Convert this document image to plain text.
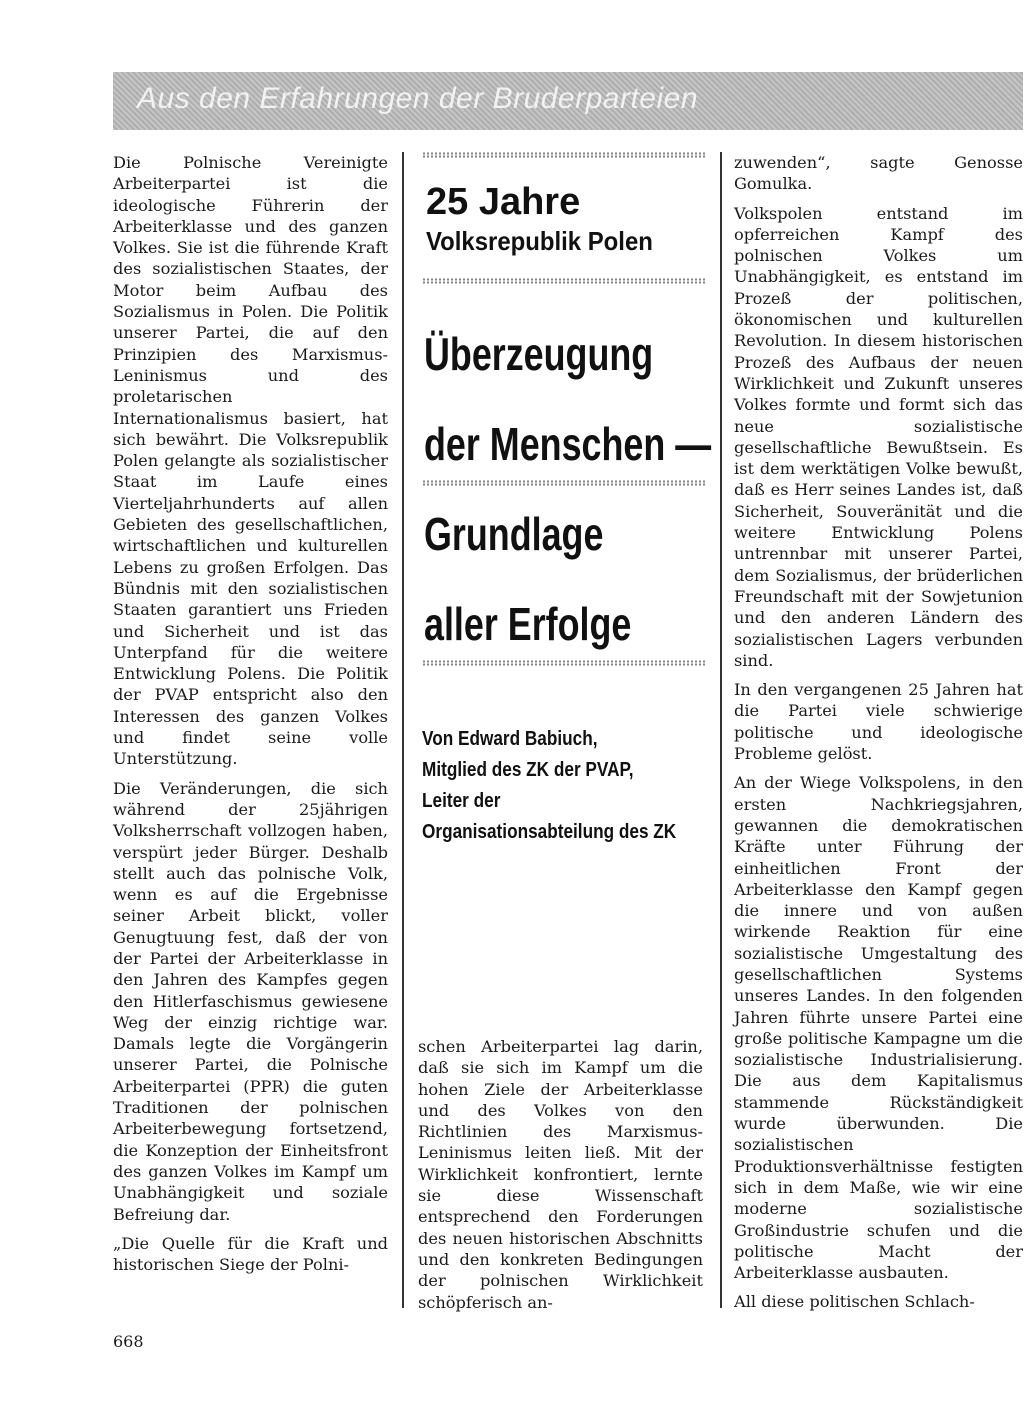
Aus den Erfahrungen der Bruderparteien

Die Polnische Vereinigte Arbeiterpartei ist die ideologische Führerin der Arbeiterklasse und des ganzen Volkes. Sie ist die führende Kraft des sozialistischen Staates, der Motor beim Aufbau des Sozialismus in Polen. Die Politik unserer Partei, die auf den Prinzipien des Marxismus-Leninismus und des proletarischen Internationalismus basiert, hat sich bewährt. Die Volksrepublik Polen gelangte als sozialistischer Staat im Laufe eines Vierteljahrhunderts auf allen Gebieten des gesellschaftlichen, wirtschaftlichen und kulturellen Lebens zu großen Erfolgen. Das Bündnis mit den sozialistischen Staaten garantiert uns Frieden und Sicherheit und ist das Unterpfand für die weitere Entwicklung Polens. Die Politik der PVAP entspricht also den Interessen des ganzen Volkes und findet seine volle Unterstützung.

Die Veränderungen, die sich während der 25jährigen Volksherrschaft vollzogen haben, verspürt jeder Bürger. Deshalb stellt auch das polnische Volk, wenn es auf die Ergebnisse seiner Arbeit blickt, voller Genugtuung fest, daß der von der Partei der Arbeiterklasse in den Jahren des Kampfes gegen den Hitlerfaschismus gewiesene Weg der einzig richtige war. Damals legte die Vorgängerin unserer Partei, die Polnische Arbeiterpartei (PPR) die guten Traditionen der polnischen Arbeiterbewegung fortsetzend, die Konzeption der Einheitsfront des ganzen Volkes im Kampf um Unabhängigkeit und soziale Befreiung dar.

„Die Quelle für die Kraft und historischen Siege der Polni-

25 Jahre
Volksrepublik Polen
Überzeugung
der Menschen —
Grundlage
aller Erfolge
Von Edward Babiuch,
Mitglied des ZK der PVAP,
Leiter der
Organisationsabteilung des ZK

schen Arbeiterpartei lag darin, daß sie sich im Kampf um die hohen Ziele der Arbeiterklasse und des Volkes von den Richtlinien des Marxismus-Leninismus leiten ließ. Mit der Wirklichkeit konfrontiert, lernte sie diese Wissenschaft entsprechend den Forderungen des neuen historischen Abschnitts und den konkreten Bedingungen der polnischen Wirklichkeit schöpferisch an-

zuwenden“, sagte Genosse Gomulka.

Volkspolen entstand im opferreichen Kampf des polnischen Volkes um Unabhängigkeit, es entstand im Prozeß der politischen, ökonomischen und kulturellen Revolution. In diesem historischen Prozeß des Aufbaus der neuen Wirklichkeit und Zukunft unseres Volkes formte und formt sich das neue sozialistische gesellschaftliche Bewußtsein. Es ist dem werktätigen Volke bewußt, daß es Herr seines Landes ist, daß Sicherheit, Souveränität und die weitere Entwicklung Polens untrennbar mit unserer Partei, dem Sozialismus, der brüderlichen Freundschaft mit der Sowjetunion und den anderen Ländern des sozialistischen Lagers verbunden sind.

In den vergangenen 25 Jahren hat die Partei viele schwierige politische und ideologische Probleme gelöst.

An der Wiege Volkspolens, in den ersten Nachkriegsjahren, gewannen die demokratischen Kräfte unter Führung der einheitlichen Front der Arbeiterklasse den Kampf gegen die innere und von außen wirkende Reaktion für eine sozialistische Umgestaltung des gesellschaftlichen Systems unseres Landes. In den folgenden Jahren führte unsere Partei eine große politische Kampagne um die sozialistische Industrialisierung. Die aus dem Kapitalismus stammende Rückständigkeit wurde überwunden. Die sozialistischen Produktionsverhältnisse festigten sich in dem Maße, wie wir eine moderne sozialistische Großindustrie schufen und die politische Macht der Arbeiterklasse ausbauten.

All diese politischen Schlach-

668
